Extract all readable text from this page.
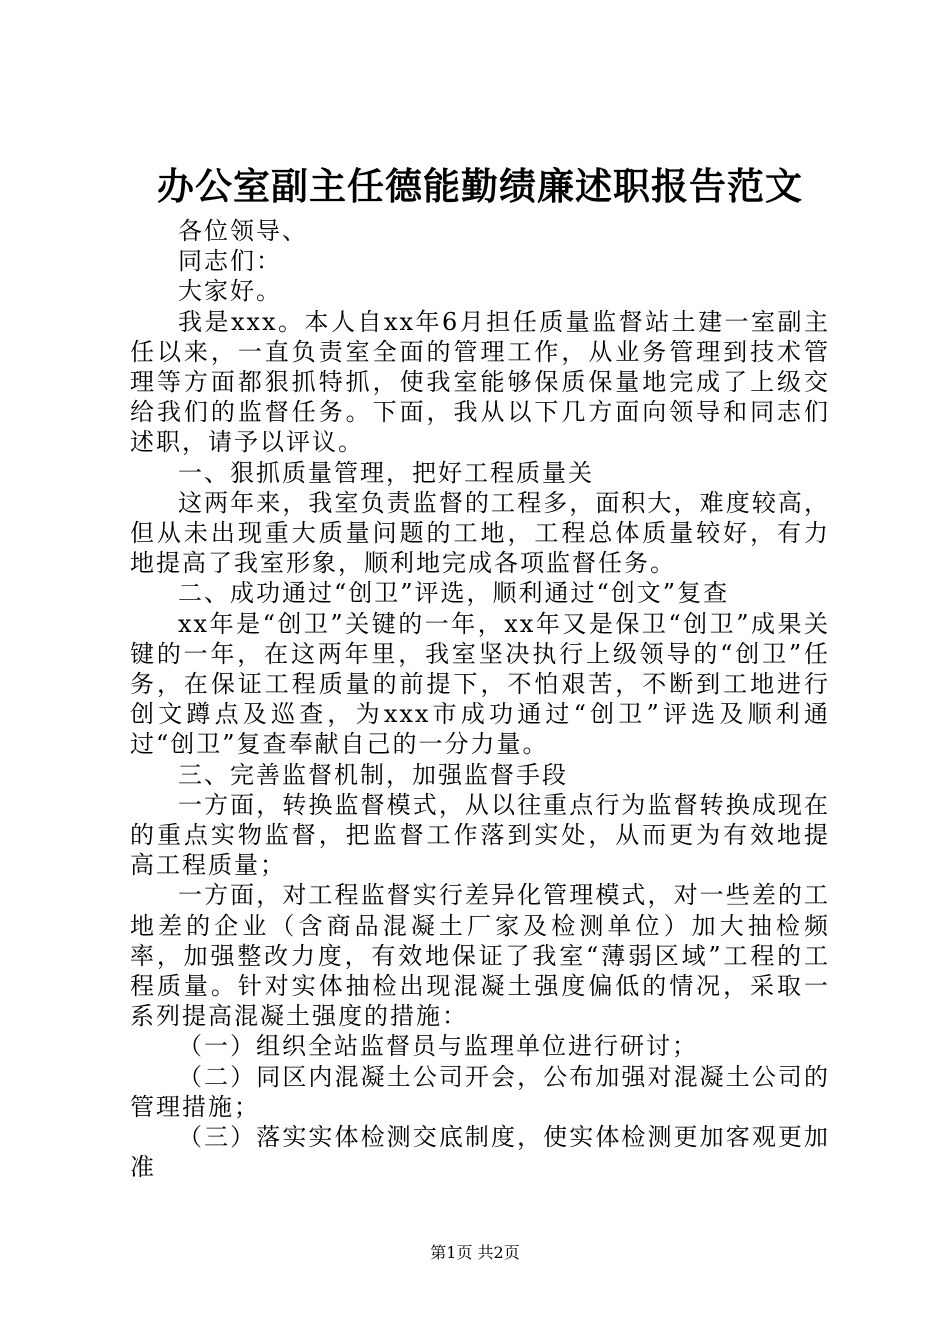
办公室副主任德能勤绩廉述职报告范文

各位领导、

同志们：

大家好。

我是xxx。本人自xx年6月担任质量监督站土建一室副主任以来，一直负责室全面的管理工作，从业务管理到技术管理等方面都狠抓特抓，使我室能够保质保量地完成了上级交给我们的监督任务。下面，我从以下几方面向领导和同志们述职，请予以评议。

一、狠抓质量管理，把好工程质量关

这两年来，我室负责监督的工程多，面积大，难度较高，但从未出现重大质量问题的工地，工程总体质量较好，有力地提高了我室形象，顺利地完成各项监督任务。

二、成功通过“创卫”评选，顺利通过“创文”复查

xx年是“创卫”关键的一年，xx年又是保卫“创卫”成果关键的一年，在这两年里，我室坚决执行上级领导的“创卫”任务，在保证工程质量的前提下，不怕艰苦，不断到工地进行创文蹲点及巡查，为xxx市成功通过“创卫”评选及顺利通过“创卫”复查奉献自己的一分力量。

三、完善监督机制，加强监督手段

一方面，转换监督模式，从以往重点行为监督转换成现在的重点实物监督，把监督工作落到实处，从而更为有效地提高工程质量；

一方面，对工程监督实行差异化管理模式，对一些差的工地差的企业（含商品混凝土厂家及检测单位）加大抽检频率，加强整改力度，有效地保证了我室“薄弱区域”工程的工程质量。针对实体抽检出现混凝土强度偏低的情况，采取一系列提高混凝土强度的措施：

（一）组织全站监督员与监理单位进行研讨；

（二）同区内混凝土公司开会，公布加强对混凝土公司的管理措施；

（三）落实实体检测交底制度，使实体检测更加客观更加准

第1页 共2页
